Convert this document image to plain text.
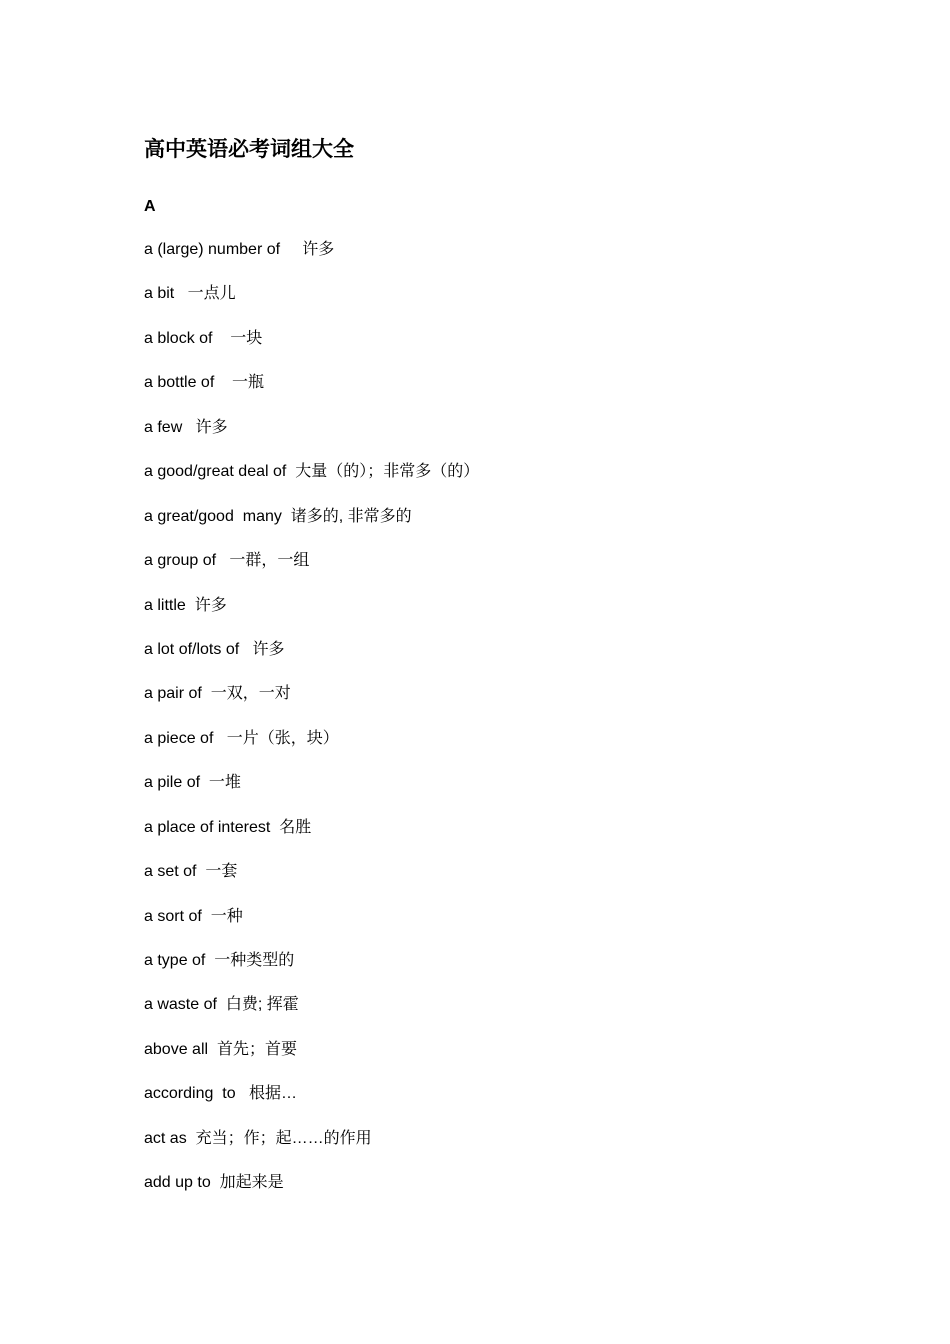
高中英语必考词组大全
A
a (large) number of     许多
a bit   一点儿
a block of    一块
a bottle of    一瓶
a few   许多
a good/great deal of  大量（的）；非常多（的）
a great/good  many  诸多的, 非常多的
a group of   一群，一组
a little  许多
a lot of/lots of   许多
a pair of  一双，一对
a piece of   一片（张，块）
a pile of  一堆
a place of interest  名胜
a set of  一套
a sort of  一种
a type of  一种类型的
a waste of  白费; 挥霍
above all  首先；首要
according  to   根据…
act as  充当；作；起……的作用
add up to  加起来是
